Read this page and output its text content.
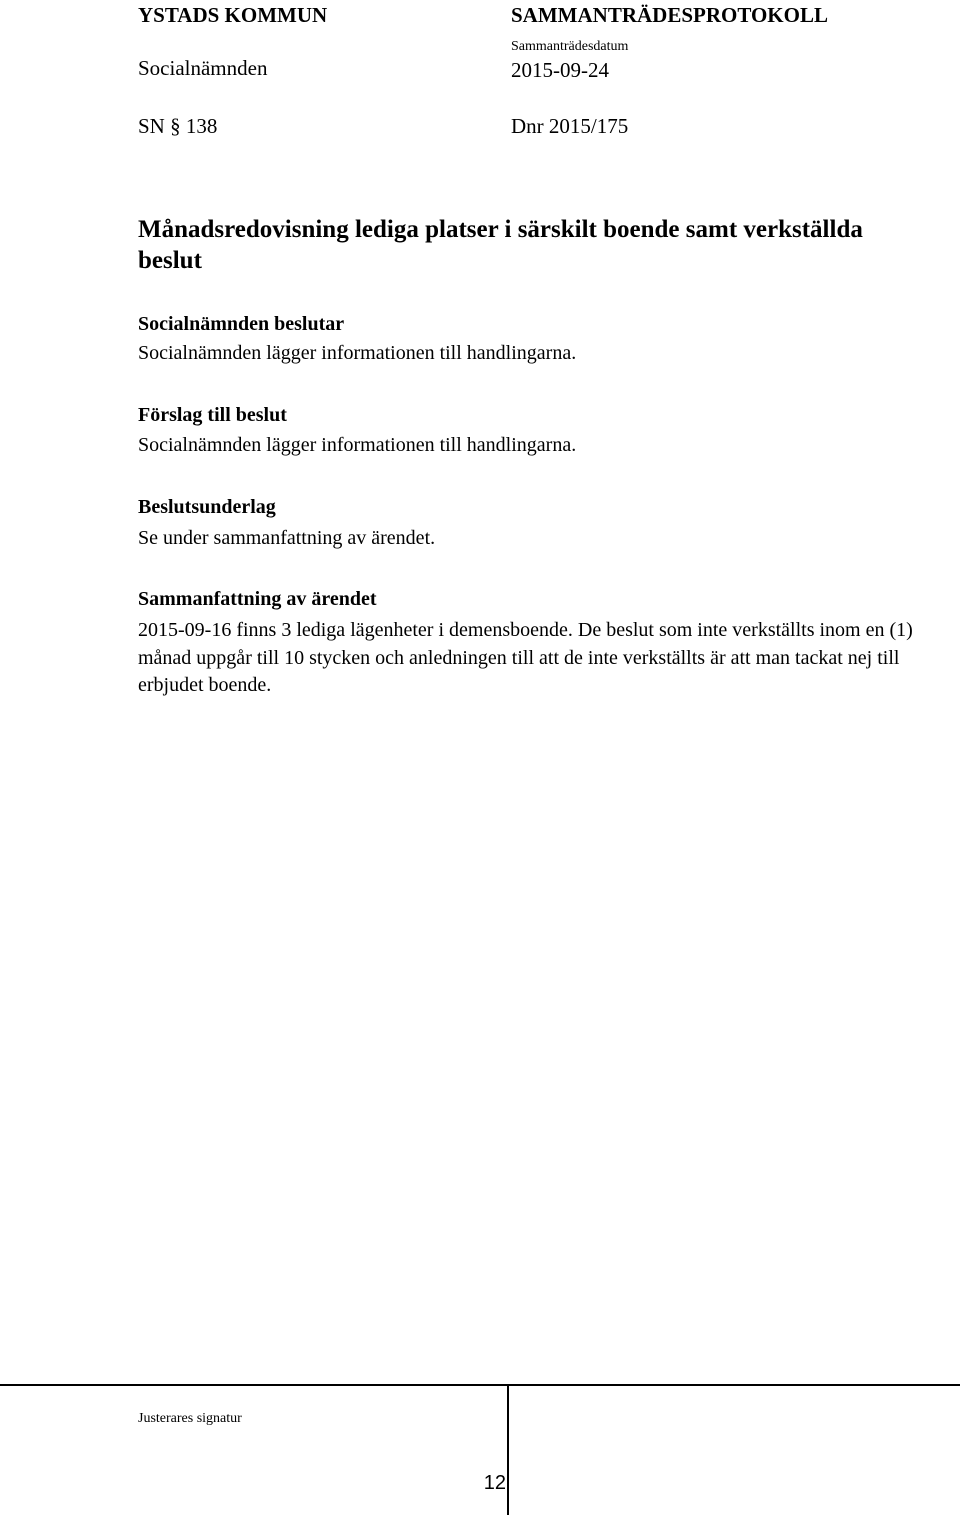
YSTADS KOMMUN	SAMMANTRÄDESPROTOKOLL
Socialnämnden
Sammanträdesdatum
2015-09-24
SN § 138	Dnr 2015/175
Månadsredovisning lediga platser i särskilt boende samt verkställda beslut
Socialnämnden beslutar
Socialnämnden lägger informationen till handlingarna.
Förslag till beslut
Socialnämnden lägger informationen till handlingarna.
Beslutsunderlag
Se under sammanfattning av ärendet.
Sammanfattning av ärendet
2015-09-16 finns 3 lediga lägenheter i demensboende. De beslut som inte verkställts inom en (1) månad uppgår till 10 stycken och anledningen till att de inte verkställts är att man tackat nej till erbjudet boende.
Justerares signatur
12
